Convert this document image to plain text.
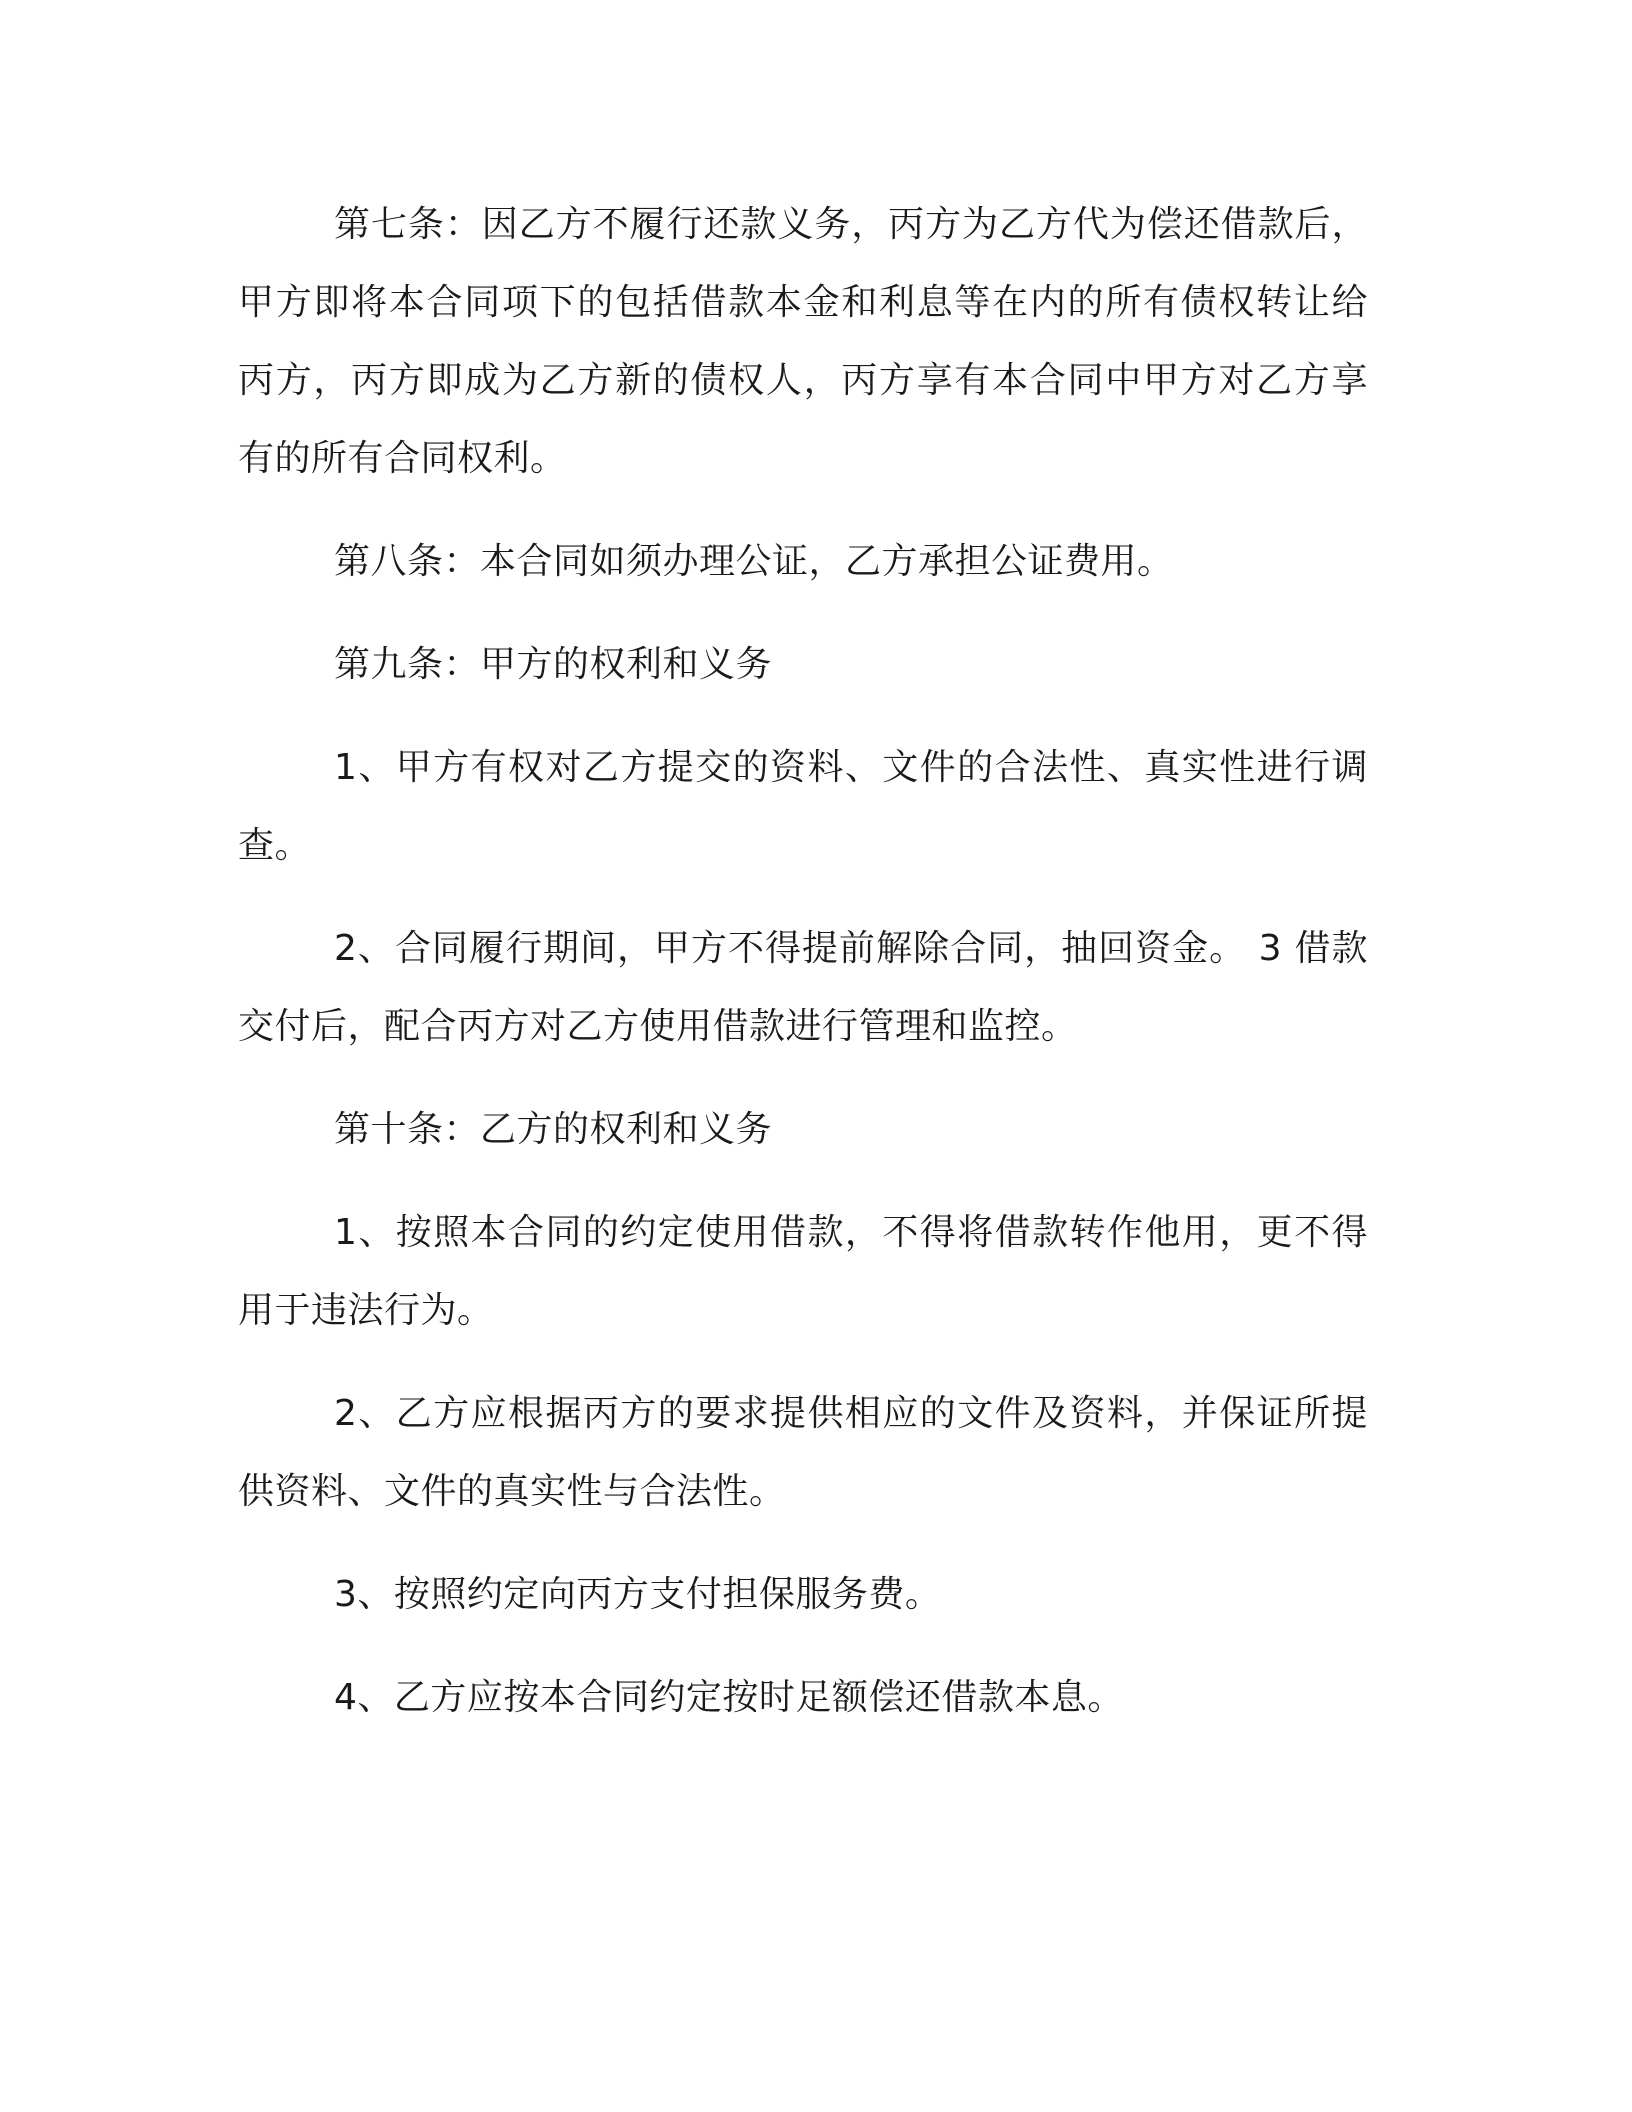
第七条：因乙方不履行还款义务，丙方为乙方代为偿还借款后，甲方即将本合同项下的包括借款本金和利息等在内的所有债权转让给丙方，丙方即成为乙方新的债权人，丙方享有本合同中甲方对乙方享有的所有合同权利。

第八条：本合同如须办理公证，乙方承担公证费用。

第九条：甲方的权利和义务

1、甲方有权对乙方提交的资料、文件的合法性、真实性进行调查。

2、合同履行期间，甲方不得提前解除合同，抽回资金。 3 借款交付后，配合丙方对乙方使用借款进行管理和监控。

第十条：乙方的权利和义务

1、按照本合同的约定使用借款，不得将借款转作他用，更不得用于违法行为。

2、乙方应根据丙方的要求提供相应的文件及资料，并保证所提供资料、文件的真实性与合法性。

3、按照约定向丙方支付担保服务费。

4、乙方应按本合同约定按时足额偿还借款本息。
